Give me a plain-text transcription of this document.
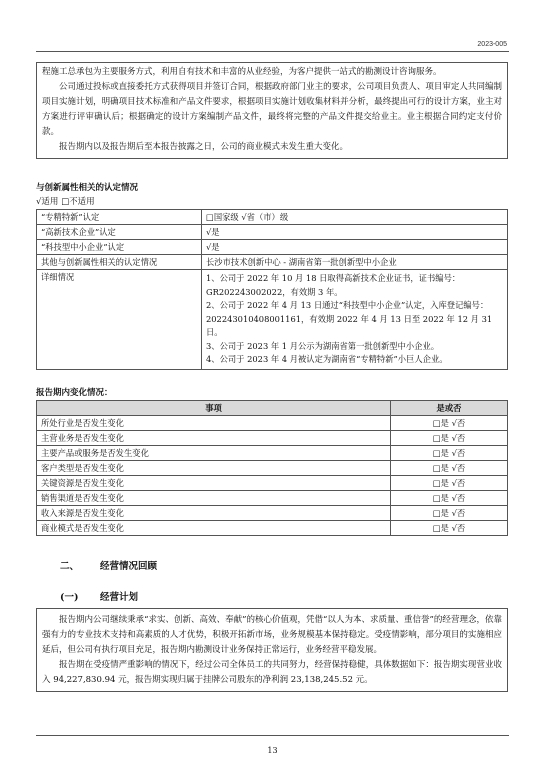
2023-005

程施工总承包为主要服务方式，利用自有技术和丰富的从业经验，为客户提供一站式的勘测设计咨询服务。

公司通过投标或直接委托方式获得项目并签订合同，根据政府部门业主的要求，公司项目负责人、项目审定人共同编制项目实施计划，明确项目技术标准和产品文件要求，根据项目实施计划收集材料并分析，最终提出可行的设计方案，业主对方案进行评审确认后；根据确定的设计方案编制产品文件，最终将完整的产品文件提交给业主。业主根据合同约定支付价款。

报告期内以及报告期后至本报告披露之日，公司的商业模式未发生重大变化。

与创新属性相关的认定情况
√适用 □不适用
“专精特新”认定	□国家级 √省（市）级
“高新技术企业”认定	√是
“科技型中小企业”认定	√是
其他与创新属性相关的认定情况	长沙市技术创新中心 - 湖南省第一批创新型中小企业
详细情况	1、公司于 2022 年 10 月 18 日取得高新技术企业证书，证书编号：GR202243002022，有效期 3 年。
2、公司于 2022 年 4 月 13 日通过“科技型中小企业”认定，入库登记编号：202243010408001161，有效期 2022 年 4 月 13 日至 2022 年 12 月 31 日。
3、公司于 2023 年 1 月公示为湖南省第一批创新型中小企业。
4、公司于 2023 年 4 月被认定为湖南省“专精特新”小巨人企业。
报告期内变化情况：
事项	是或否
所处行业是否发生变化	□是 √否
主营业务是否发生变化	□是 √否
主要产品或服务是否发生变化	□是 √否
客户类型是否发生变化	□是 √否
关键资源是否发生变化	□是 √否
销售渠道是否发生变化	□是 √否
收入来源是否发生变化	□是 √否
商业模式是否发生变化	□是 √否
二、 经营情况回顾
(一) 经营计划

报告期内公司继续秉承“求实、创新、高效、奉献”的核心价值观，凭借“以人为本、求质量、重信誉”的经营理念，依靠强有力的专业技术支持和高素质的人才优势，积极开拓新市场，业务规模基本保持稳定。受疫情影响，部分项目的实施相应延后，但公司有执行项目充足，报告期内勘测设计业务保持正常运行，业务经营平稳发展。

报告期在受疫情严重影响的情况下，经过公司全体员工的共同努力，经营保持稳健，具体数据如下：报告期实现营业收入 94,227,830.94 元，报告期实现归属于挂牌公司股东的净利润 23,138,245.52 元。

13
